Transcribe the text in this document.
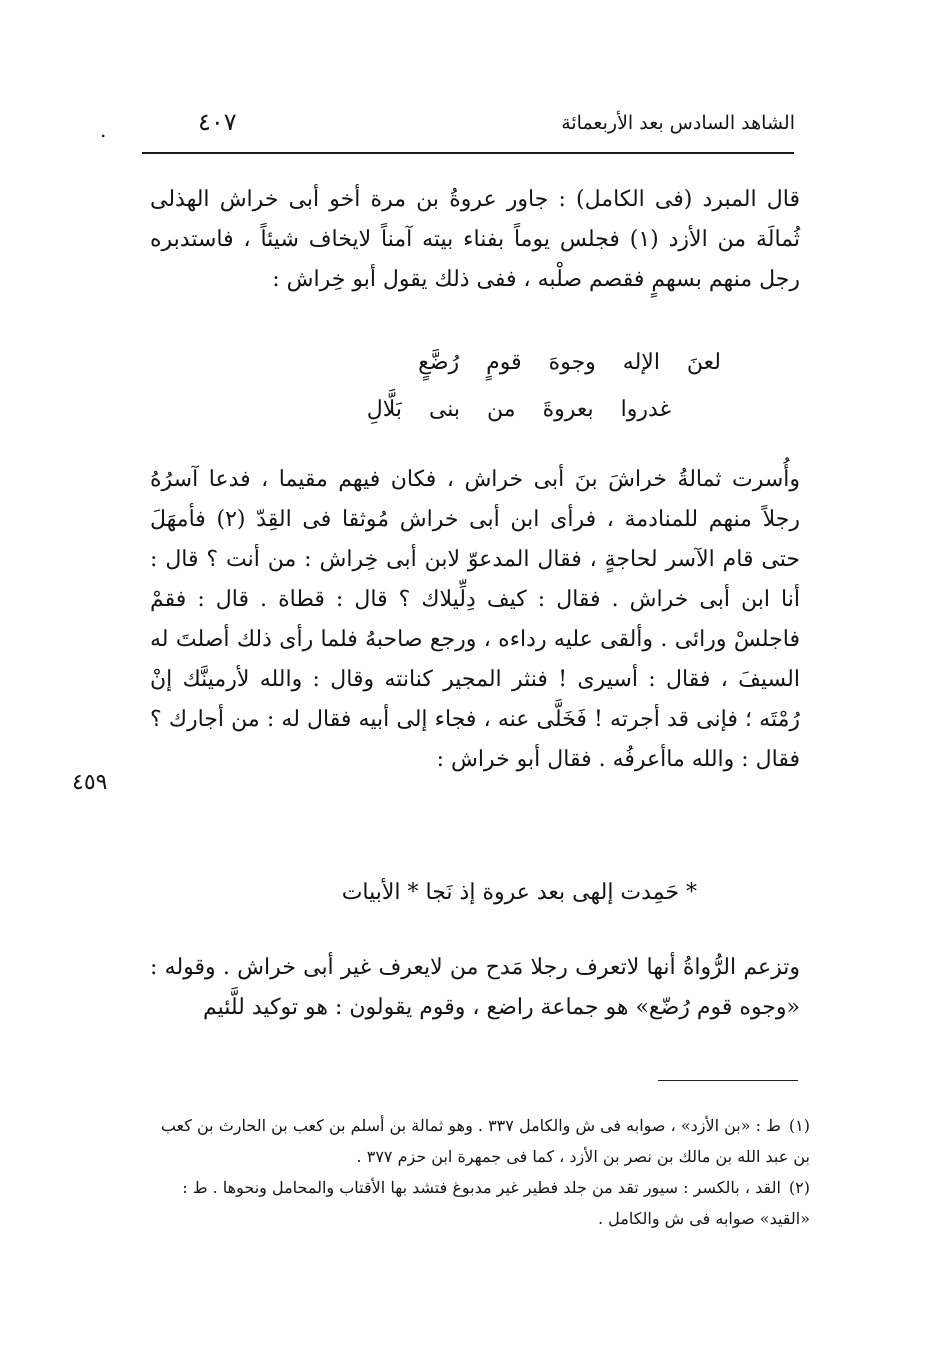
الشاهد السادس بعد الأربعمائة
٤٠٧
.

قال المبرد (فى الكامل) : جاور عروةُ بن مرة أخو أبى خراش الهذلى ثُمالَة من الأزد (١) فجلس يوماً بفناء بيته آمناً لايخاف شيئاً ، فاستدبره رجل منهم بسهمٍ فقصم صلْبه ، ففى ذلك يقول أبو خِراش :

لعنَ الإله وجوهَ قومٍ رُضَّعٍ
غدروا بعروةَ من بنى بَلَّالِ

وأُسرت ثمالةُ خراشَ بنَ أبى خراش ، فكان فيهم مقيما ، فدعا آسرُهُ رجلاً منهم للمنادمة ، فرأى ابن أبى خراش مُوثقا فى القِدّ (٢) فأمهَلَ حتى قام الآسر لحاجةٍ ، فقال المدعوّ لابن أبى خِراش : من أنت ؟ قال : أنا ابن أبى خراش . فقال : كيف دِلِّيلاك ؟ قال : قطاة . قال : فقمْ فاجلسْ ورائى . وألقى عليه رداءه ، ورجع صاحبهُ فلما رأى ذلك أصلتَ له السيفَ ، فقال : أسيرى ! فنثر المجير كنانته وقال : والله لأرمينَّك إنْ رُمْتَه ؛ فإنى قد أجرته ! فَخَلَّى عنه ، فجاء إلى أبيه فقال له : من أجارك ؟ فقال : والله ماأعرفُه . فقال أبو خراش :

٤٥٩
* حَمِدت إلهى بعد عروة إذ نَجا * الأبيات

وتزعم الرُّواةُ أنها لاتعرف رجلا مَدح من لايعرف غير أبى خراش . وقوله : «وجوه قوم رُضّع» هو جماعة راضع ، وقوم يقولون : هو توكيد للَّئيم

(١)ط : «بن الأزد» ، صوابه فى ش والكامل ٣٣٧ . وهو ثمالة بن أسلم بن كعب بن الحارث بن كعب بن عبد الله بن مالك بن نصر بن الأزد ، كما فى جمهرة ابن حزم ٣٧٧ .

(٢)القد ، بالكسر : سيور تقد من جلد فطير غير مدبوغ فتشد بها الأقتاب والمحامل ونحوها . ط : «القيد» صوابه فى ش والكامل .
